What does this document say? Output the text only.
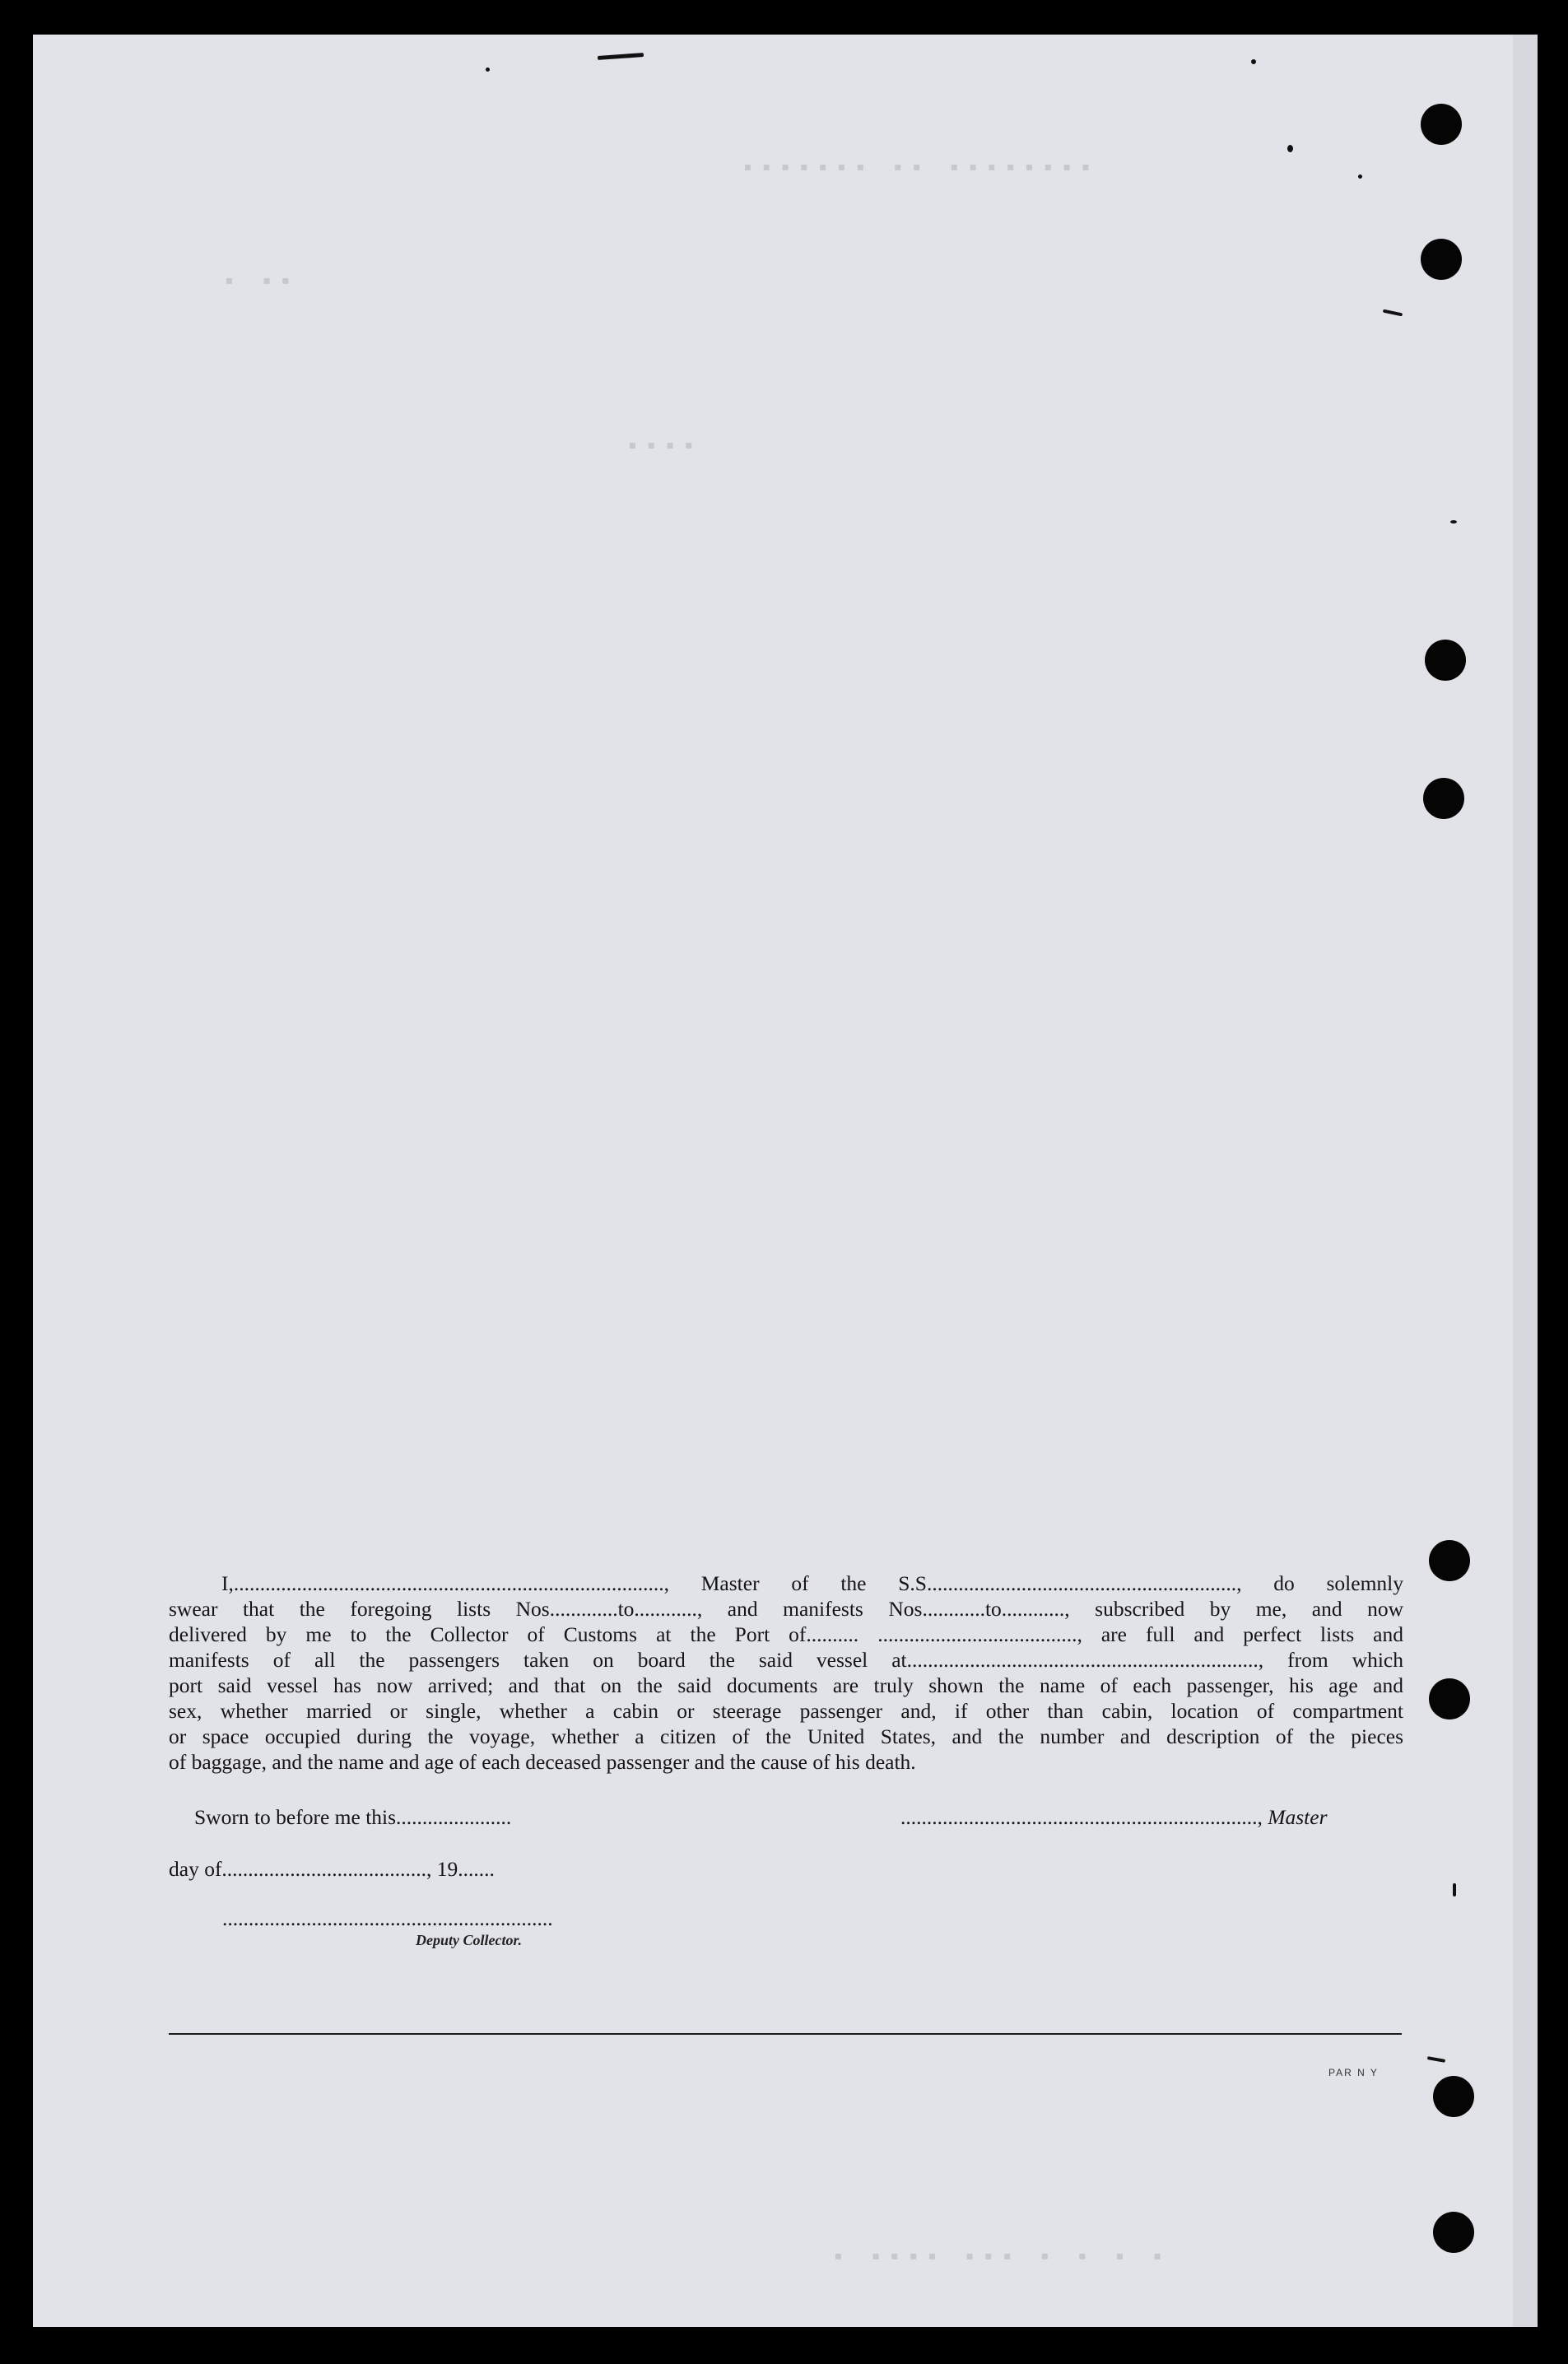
▪ ▪▪
▪▪▪▪▪▪▪ ▪▪ ▪▪▪▪▪▪▪▪
▪▪▪▪
▪ ▪▪▪▪ ▪▪▪ ▪ ▪ ▪ ▪

I,.................................................................................., Master of the S.S..........................................................., do solemnly

swear that the foregoing lists Nos.............to............, and manifests Nos............to............, subscribed by me, and now

delivered by me to the Collector of Customs at the Port of.......... ......................................, are full and perfect lists and

manifests of all the passengers taken on board the said vessel at..................................................................., from which

port said vessel has now arrived; and that on the said documents are truly shown the name of each passenger, his age and

sex, whether married or single, whether a cabin or steerage passenger and, if other than cabin, location of compartment

or space occupied during the voyage, whether a citizen of the United States, and the number and description of the pieces

of baggage, and the name and age of each deceased passenger and the cause of his death.

Sworn to before me this......................	...................................................................., Master
day of......................................., 19.......
...............................................................
Deputy Collector.
PAR N Y
